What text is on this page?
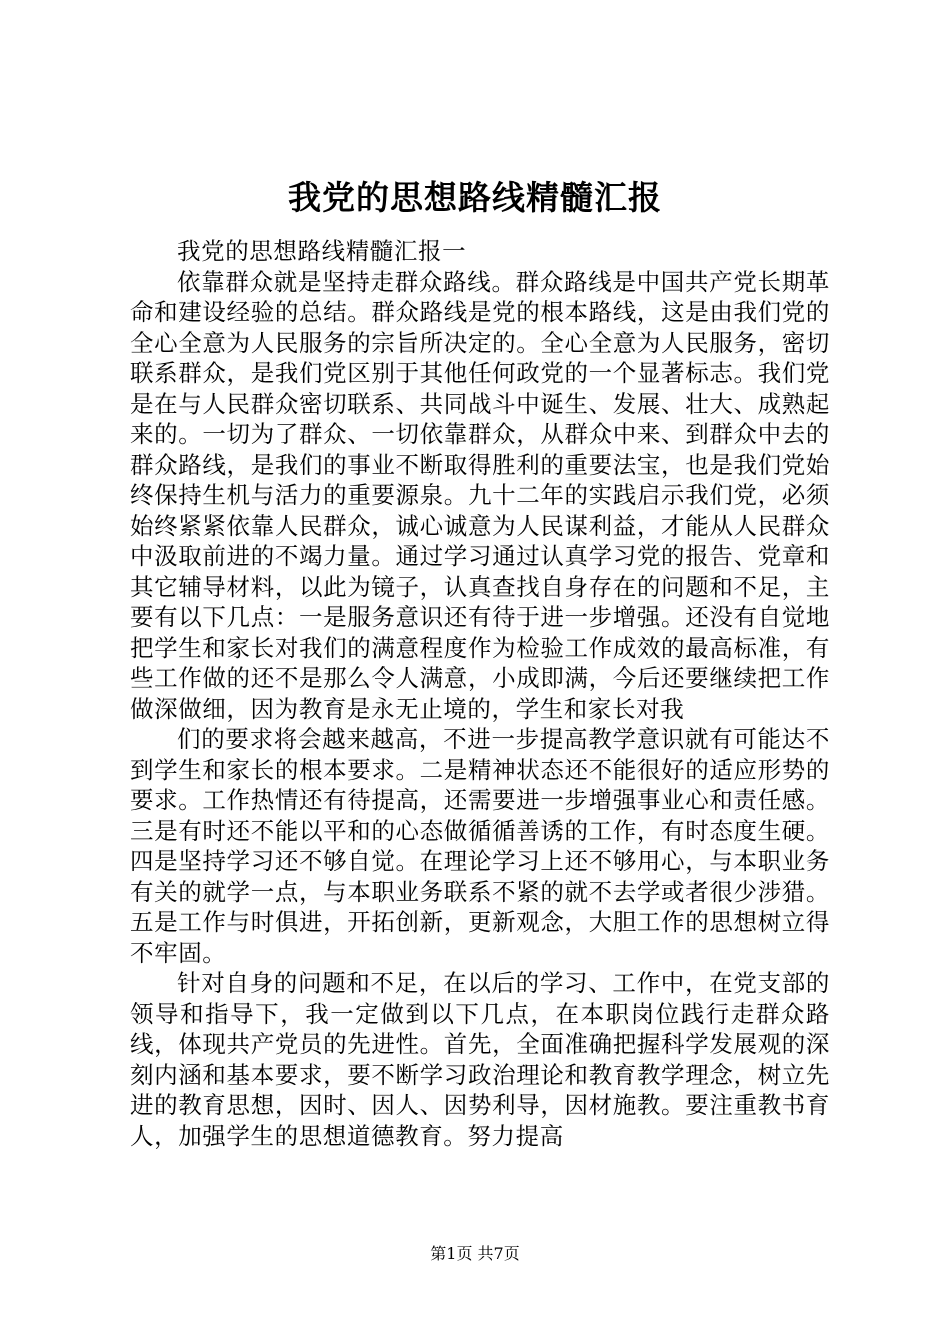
我党的思想路线精髓汇报

我党的思想路线精髓汇报一

依靠群众就是坚持走群众路线。群众路线是中国共产党长期革命和建设经验的总结。群众路线是党的根本路线，这是由我们党的全心全意为人民服务的宗旨所决定的。全心全意为人民服务，密切联系群众，是我们党区别于其他任何政党的一个显著标志。我们党是在与人民群众密切联系、共同战斗中诞生、发展、壮大、成熟起来的。一切为了群众、一切依靠群众，从群众中来、到群众中去的群众路线，是我们的事业不断取得胜利的重要法宝，也是我们党始终保持生机与活力的重要源泉。九十二年的实践启示我们党，必须始终紧紧依靠人民群众，诚心诚意为人民谋利益，才能从人民群众中汲取前进的不竭力量。通过学习通过认真学习党的报告、党章和其它辅导材料，以此为镜子，认真查找自身存在的问题和不足，主要有以下几点：一是服务意识还有待于进一步增强。还没有自觉地把学生和家长对我们的满意程度作为检验工作成效的最高标准，有些工作做的还不是那么令人满意，小成即满，今后还要继续把工作做深做细，因为教育是永无止境的，学生和家长对我

们的要求将会越来越高，不进一步提高教学意识就有可能达不到学生和家长的根本要求。二是精神状态还不能很好的适应形势的要求。工作热情还有待提高，还需要进一步增强事业心和责任感。三是有时还不能以平和的心态做循循善诱的工作，有时态度生硬。四是坚持学习还不够自觉。在理论学习上还不够用心，与本职业务有关的就学一点，与本职业务联系不紧的就不去学或者很少涉猎。五是工作与时俱进，开拓创新，更新观念，大胆工作的思想树立得不牢固。

针对自身的问题和不足，在以后的学习、工作中，在党支部的领导和指导下，我一定做到以下几点，在本职岗位践行走群众路线，体现共产党员的先进性。首先，全面准确把握科学发展观的深刻内涵和基本要求，要不断学习政治理论和教育教学理念，树立先进的教育思想，因时、因人、因势利导，因材施教。要注重教书育人，加强学生的思想道德教育。努力提高

第1页 共7页
